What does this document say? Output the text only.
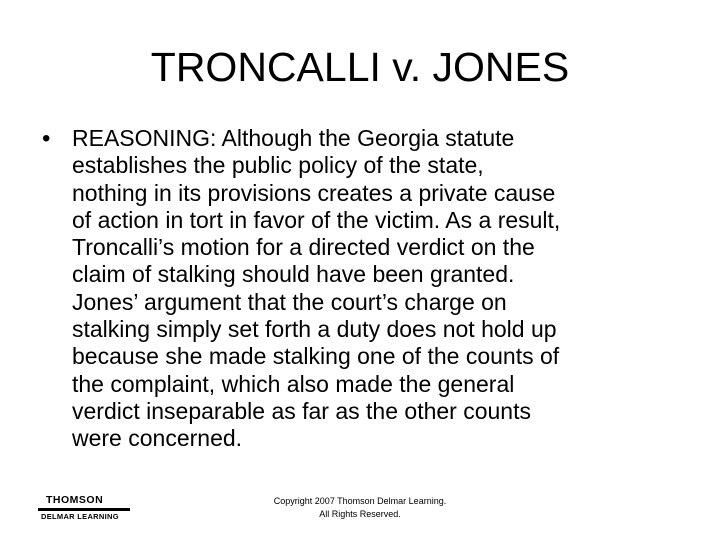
TRONCALLI v. JONES
• REASONING: Although the Georgia statute
establishes the public policy of the state,
nothing in its provisions creates a private cause
of action in tort in favor of the victim. As a result,
Troncalli’s motion for a directed verdict on the
claim of stalking should have been granted.
Jones’ argument that the court’s charge on
stalking simply set forth a duty does not hold up
because she made stalking one of the counts of
the complaint, which also made the general
verdict inseparable as far as the other counts
were concerned.

THOMSON
DELMAR LEARNING
Copyright 2007 Thomson Delmar Learning.
All Rights Reserved.
